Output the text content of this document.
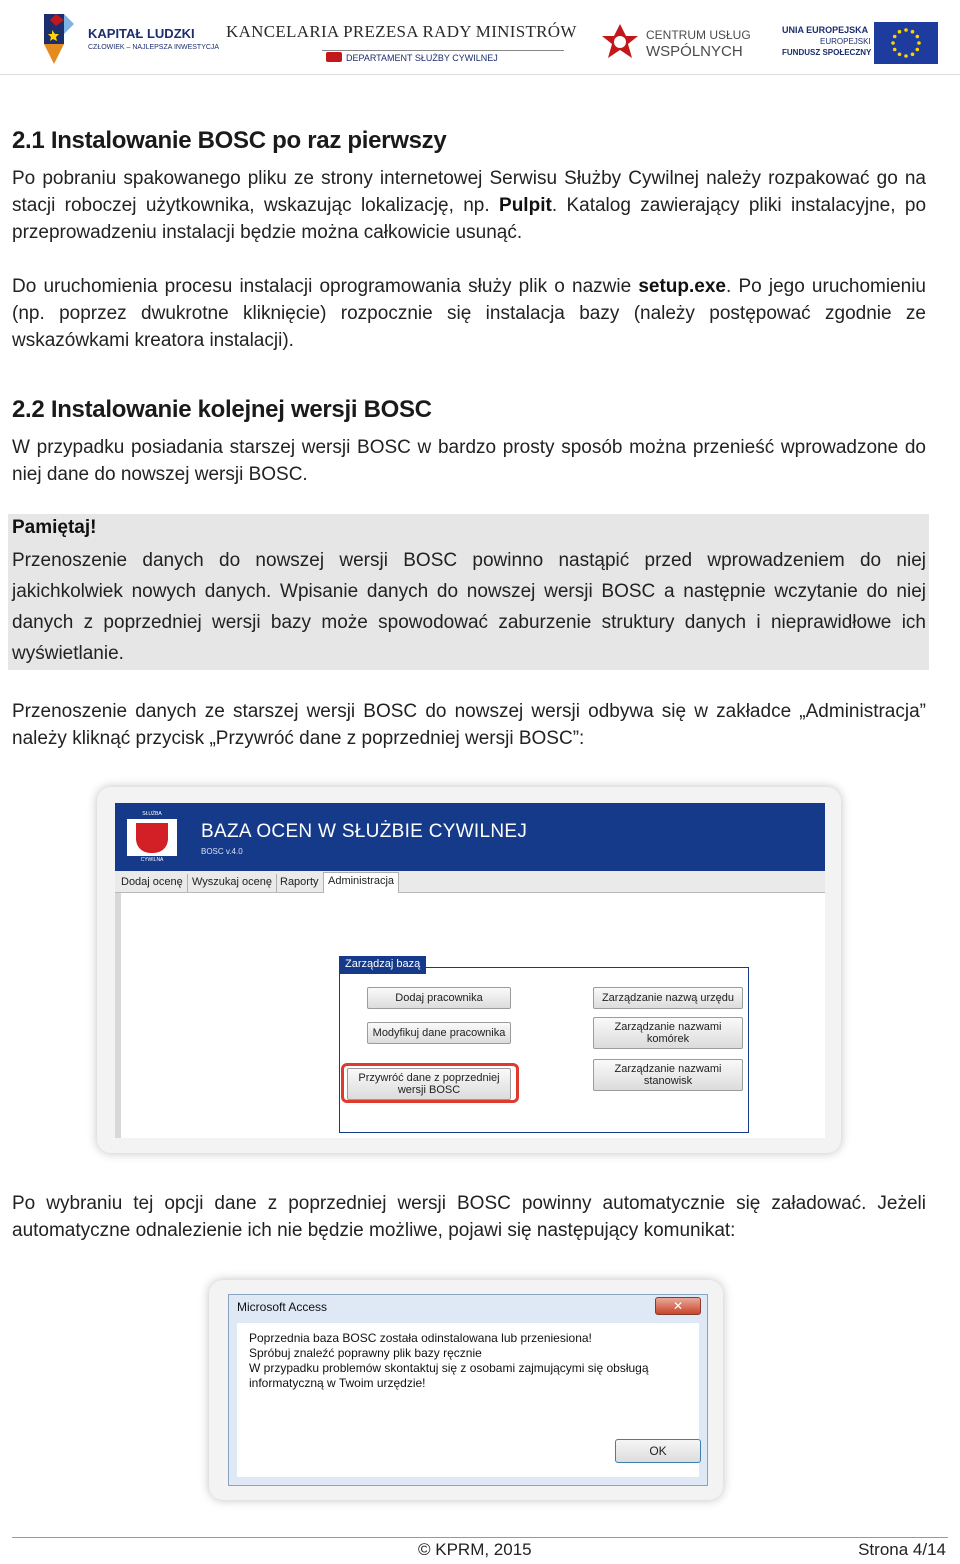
KAPITAŁ LUDZKI
CZŁOWIEK – NAJLEPSZA INWESTYCJA
KANCELARIA PREZESA RADY MINISTRÓW
DEPARTAMENT SŁUŻBY CYWILNEJ
CENTRUM USŁUG
WSPÓLNYCH
UNIA EUROPEJSKA
EUROPEJSKI
FUNDUSZ SPOŁECZNY
2.1 Instalowanie BOSC po raz pierwszy
Po pobraniu spakowanego pliku ze strony internetowej Serwisu Służby Cywilnej należy rozpakować go na stacji roboczej użytkownika, wskazując lokalizację, np. Pulpit. Katalog zawierający pliki instalacyjne, po przeprowadzeniu instalacji będzie można całkowicie usunąć.
Do uruchomienia procesu instalacji oprogramowania służy plik o nazwie setup.exe. Po jego uruchomieniu (np. poprzez dwukrotne kliknięcie) rozpocznie się instalacja bazy (należy postępować zgodnie ze wskazówkami kreatora instalacji).
2.2 Instalowanie kolejnej wersji BOSC
W przypadku posiadania starszej wersji BOSC w bardzo prosty sposób można przenieść wprowadzone do niej dane do nowszej wersji BOSC.
Pamiętaj!
Przenoszenie danych do nowszej wersji BOSC powinno nastąpić przed wprowadzeniem do niej jakichkolwiek nowych danych. Wpisanie danych do nowszej wersji BOSC a następnie wczytanie do niej danych z poprzedniej wersji bazy może spowodować zaburzenie struktury danych i nieprawidłowe ich wyświetlanie.
Przenoszenie danych ze starszej wersji BOSC do nowszej wersji odbywa się w zakładce „Administracja” należy kliknąć przycisk „Przywróć dane z poprzedniej wersji BOSC”:
SŁUŻBA
CYWILNA
BAZA OCEN W SŁUŻBIE CYWILNEJ
BOSC v.4.0
Dodaj ocenę Wyszukaj ocenę Raporty Administracja
Zarządzaj bazą
Dodaj pracownika
Modyfikuj dane pracownika
Przywróć dane z poprzedniej wersji BOSC
Zarządzanie nazwą urzędu
Zarządzanie nazwami komórek
Zarządzanie nazwami stanowisk
Po wybraniu tej opcji dane z poprzedniej wersji BOSC powinny automatycznie się załadować. Jeżeli automatyczne odnalezienie ich nie będzie możliwe, pojawi się następujący komunikat:
Microsoft Access	✕
Poprzednia baza BOSC została odinstalowana lub przeniesiona!
Spróbuj znaleźć poprawny plik bazy ręcznie
W przypadku problemów skontaktuj się z osobami zajmującymi się obsługą
informatyczną w Twoim urzędzie!
OK
© KPRM, 2015	Strona 4/14
